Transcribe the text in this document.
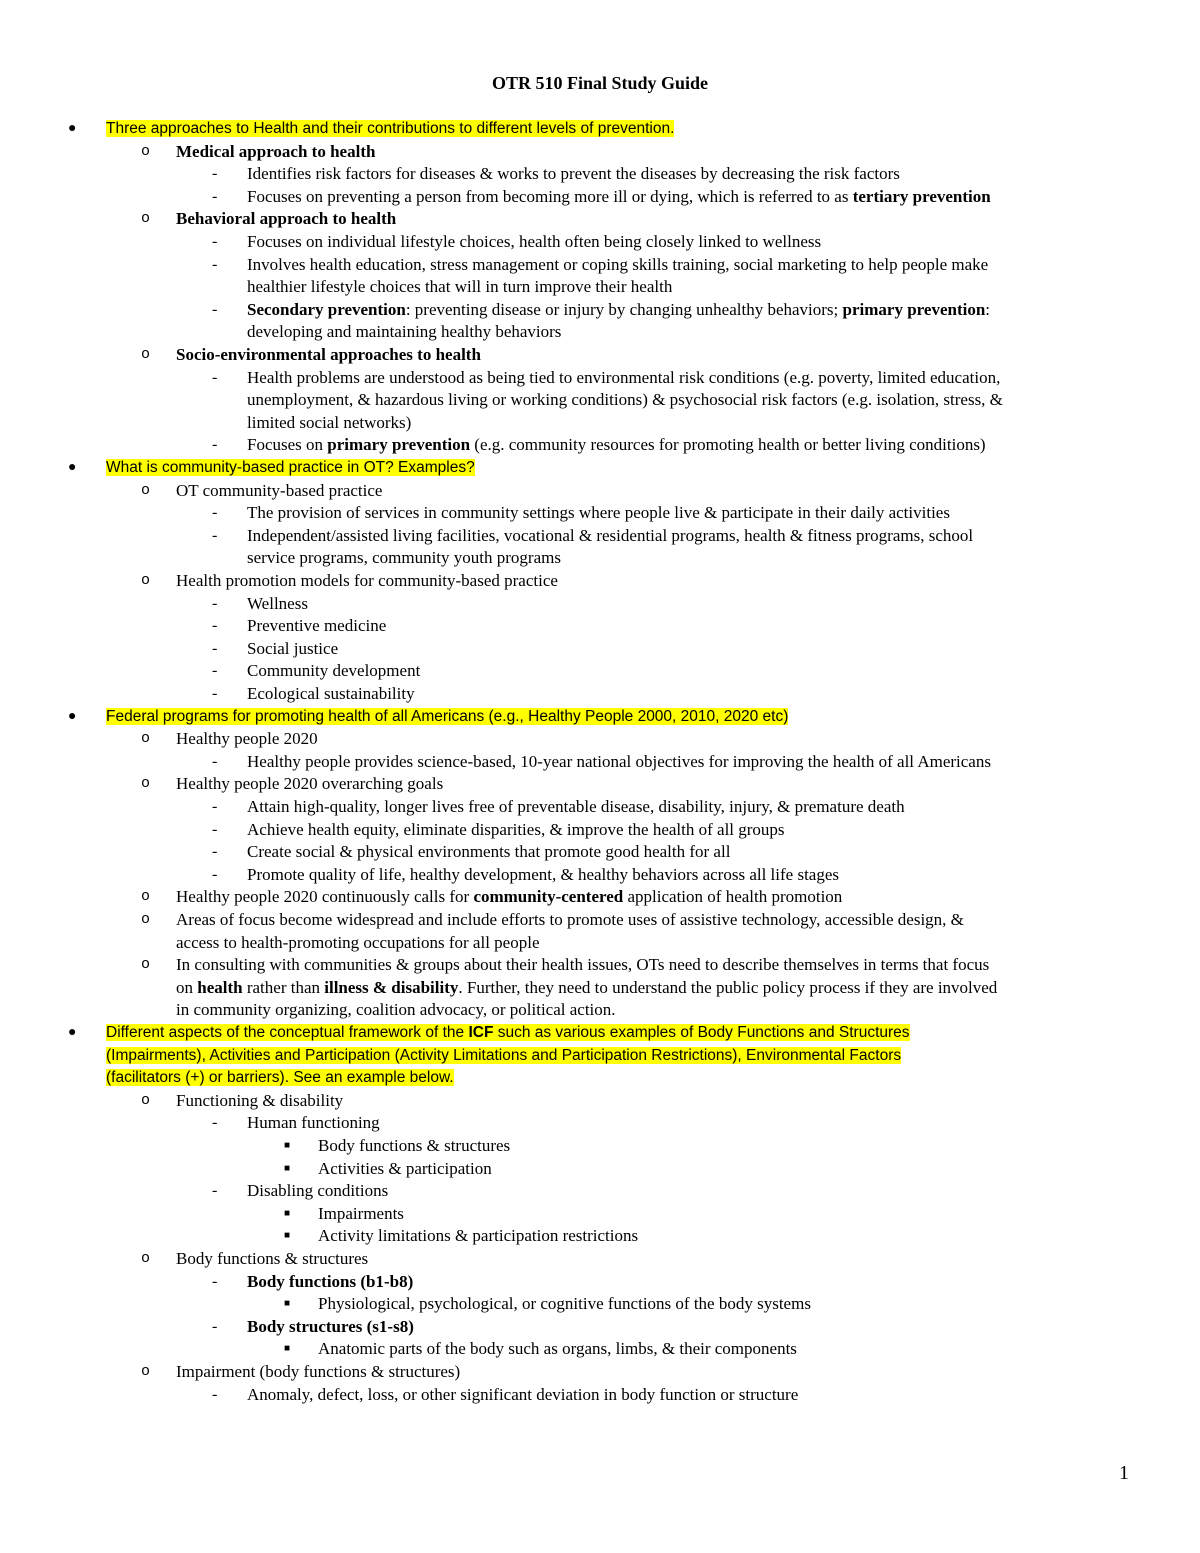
OTR 510 Final Study Guide
● Three approaches to Health and their contributions to different levels of prevention.
o Medical approach to health
- Identifies risk factors for diseases & works to prevent the diseases by decreasing the risk factors
- Focuses on preventing a person from becoming more ill or dying, which is referred to as tertiary prevention
o Behavioral approach to health
- Focuses on individual lifestyle choices, health often being closely linked to wellness
- Involves health education, stress management or coping skills training, social marketing to help people make
healthier lifestyle choices that will in turn improve their health
- Secondary prevention: preventing disease or injury by changing unhealthy behaviors; primary prevention:
developing and maintaining healthy behaviors
o Socio-environmental approaches to health
- Health problems are understood as being tied to environmental risk conditions (e.g. poverty, limited education,
unemployment, & hazardous living or working conditions) & psychosocial risk factors (e.g. isolation, stress, &
limited social networks)
- Focuses on primary prevention (e.g. community resources for promoting health or better living conditions)
● What is community-based practice in OT? Examples?
o OT community-based practice
- The provision of services in community settings where people live & participate in their daily activities
- Independent/assisted living facilities, vocational & residential programs, health & fitness programs, school
service programs, community youth programs
o Health promotion models for community-based practice
- Wellness
- Preventive medicine
- Social justice
- Community development
- Ecological sustainability
● Federal programs for promoting health of all Americans (e.g., Healthy People 2000, 2010, 2020 etc)
o Healthy people 2020
- Healthy people provides science-based, 10-year national objectives for improving the health of all Americans
o Healthy people 2020 overarching goals
- Attain high-quality, longer lives free of preventable disease, disability, injury, & premature death
- Achieve health equity, eliminate disparities, & improve the health of all groups
- Create social & physical environments that promote good health for all
- Promote quality of life, healthy development, & healthy behaviors across all life stages
o Healthy people 2020 continuously calls for community-centered application of health promotion
o Areas of focus become widespread and include efforts to promote uses of assistive technology, accessible design, &
access to health-promoting occupations for all people
o In consulting with communities & groups about their health issues, OTs need to describe themselves in terms that focus
on health rather than illness & disability. Further, they need to understand the public policy process if they are involved
in community organizing, coalition advocacy, or political action.
● Different aspects of the conceptual framework of the ICF such as various examples of Body Functions and Structures
(Impairments), Activities and Participation (Activity Limitations and Participation Restrictions), Environmental Factors
(facilitators (+) or barriers). See an example below.
o Functioning & disability
- Human functioning
■ Body functions & structures
■ Activities & participation
- Disabling conditions
■ Impairments
■ Activity limitations & participation restrictions
o Body functions & structures
- Body functions (b1-b8)
■ Physiological, psychological, or cognitive functions of the body systems
- Body structures (s1-s8)
■ Anatomic parts of the body such as organs, limbs, & their components
o Impairment (body functions & structures)
- Anomaly, defect, loss, or other significant deviation in body function or structure
1
